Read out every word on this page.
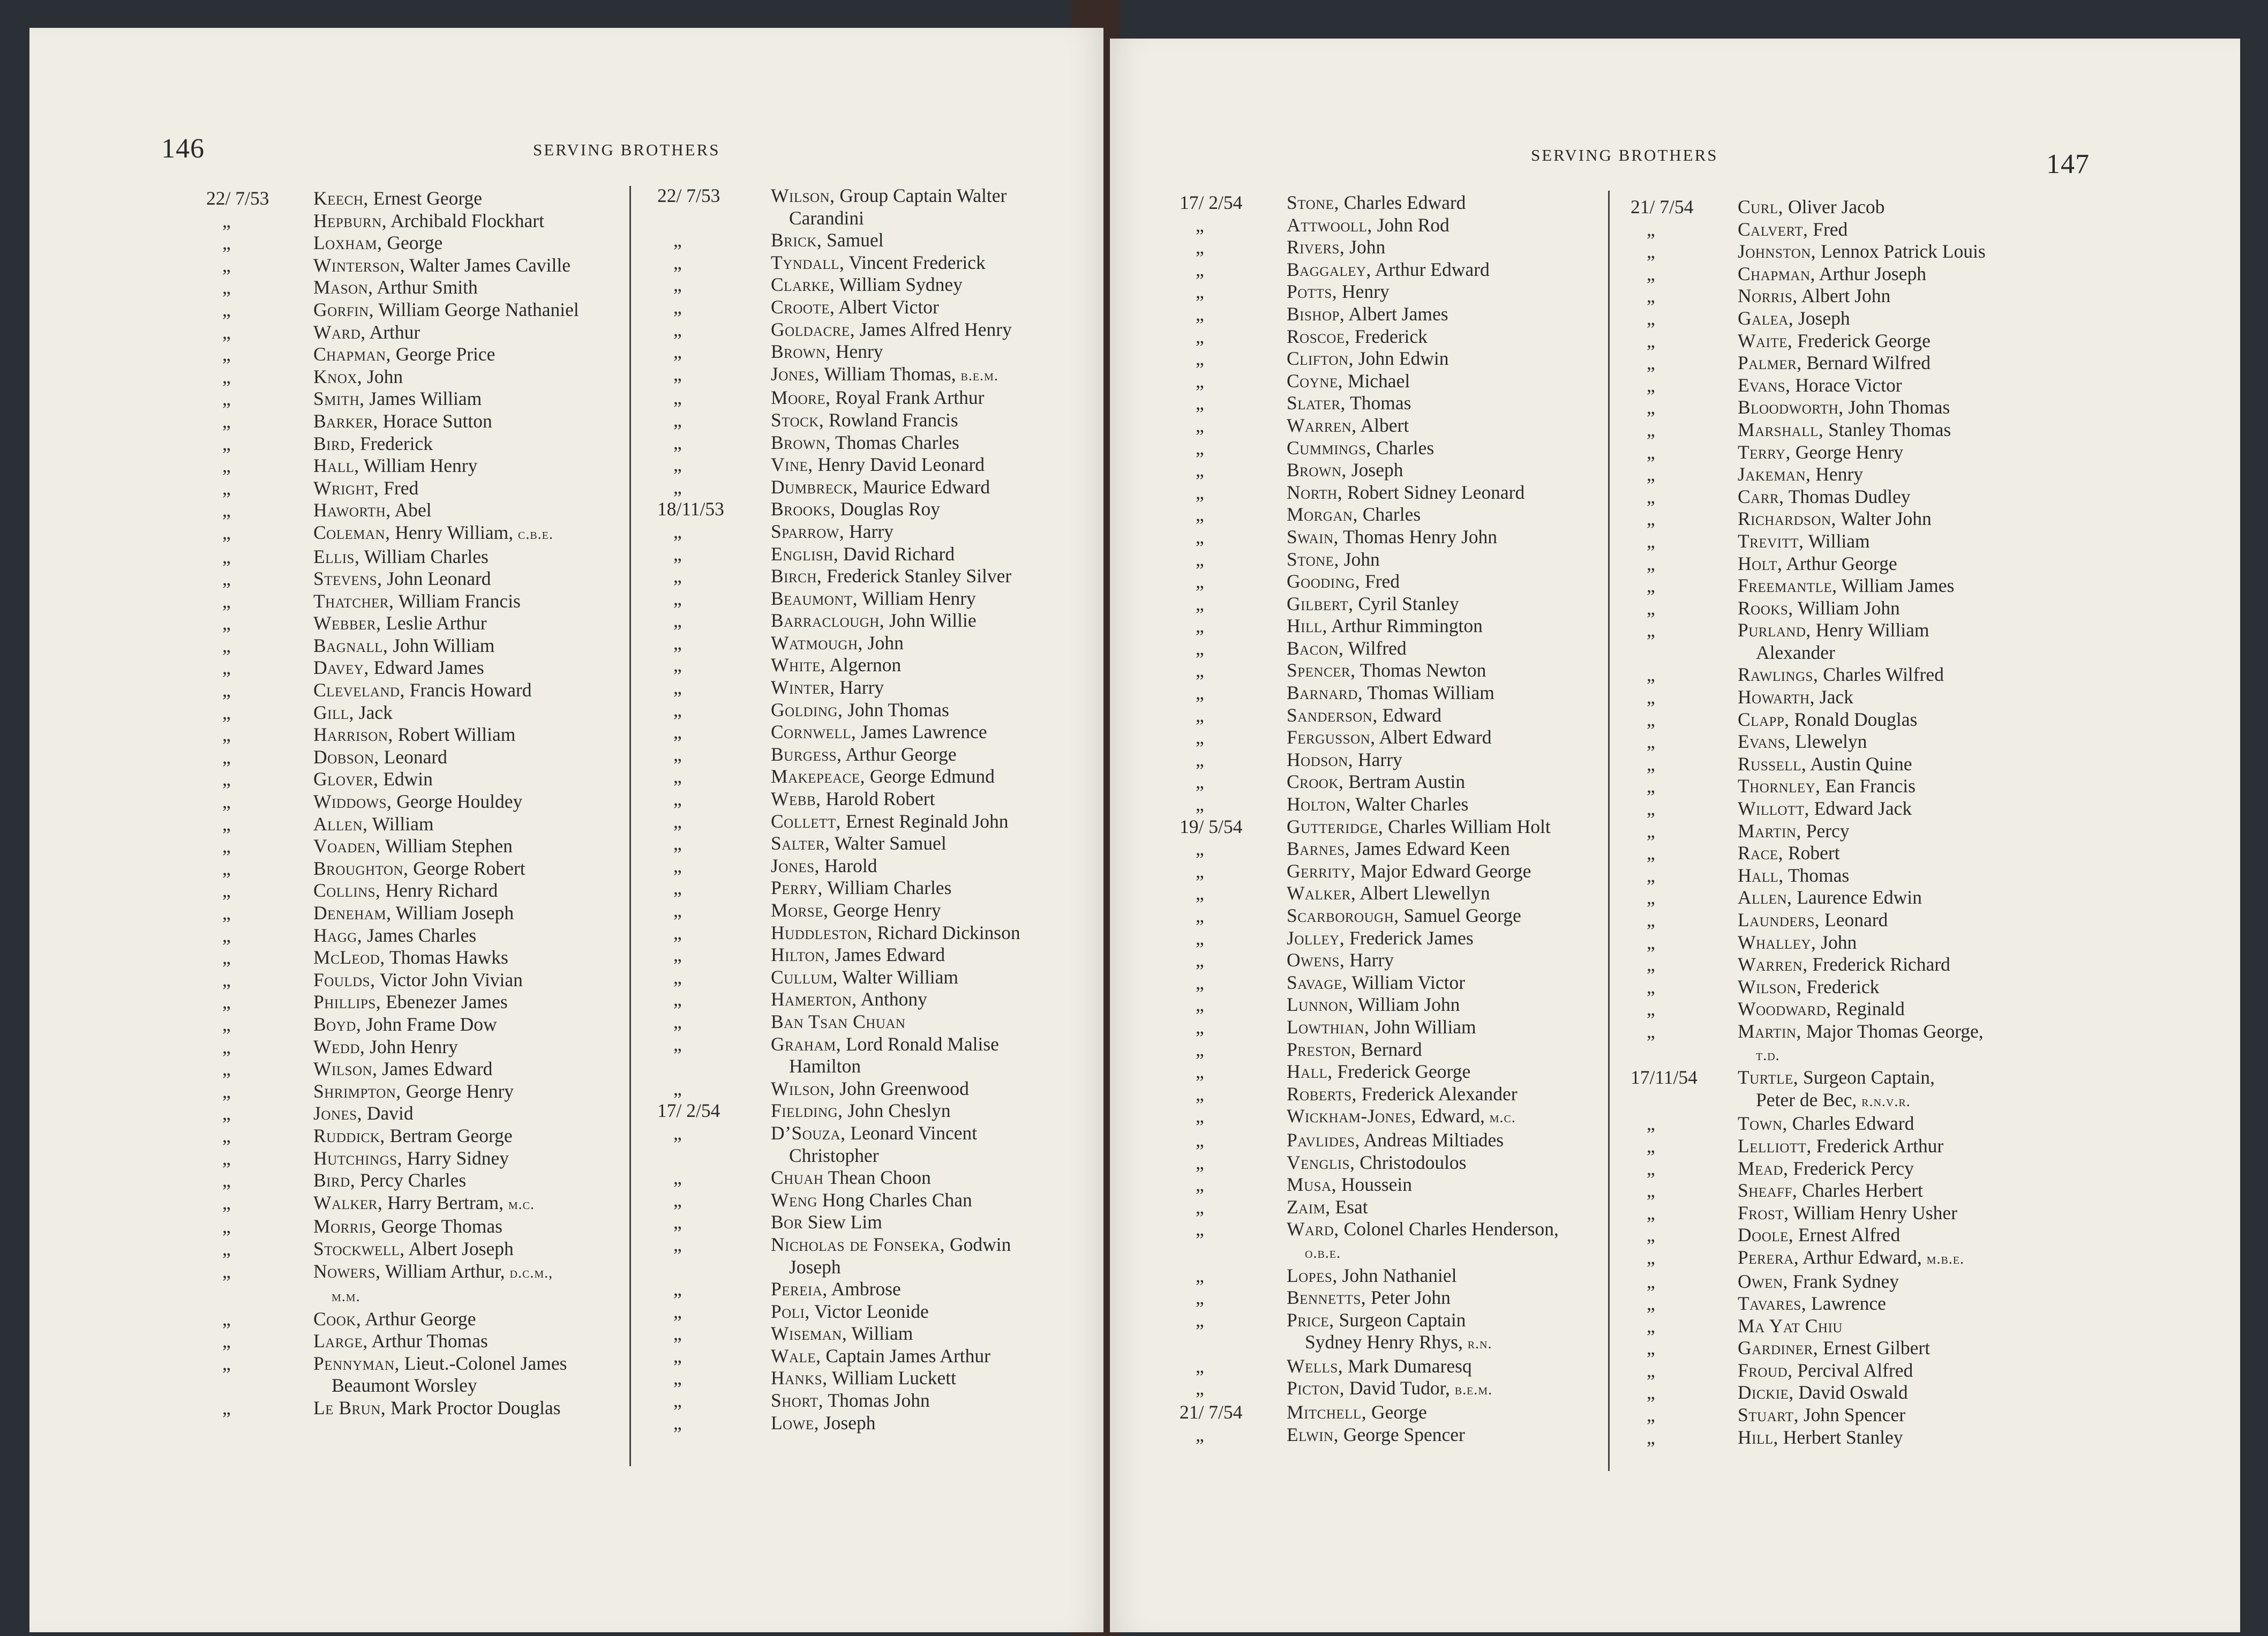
146	SERVING BROTHERS
22/ 7/53	Keech, Ernest George
„	Hepburn, Archibald Flockhart
„	Loxham, George
„	Winterson, Walter James Caville
„	Mason, Arthur Smith
„	Gorfin, William George Nathaniel
„	Ward, Arthur
„	Chapman, George Price
„	Knox, John
„	Smith, James William
„	Barker, Horace Sutton
„	Bird, Frederick
„	Hall, William Henry
„	Wright, Fred
„	Haworth, Abel
„	Coleman, Henry William, c.b.e.
„	Ellis, William Charles
„	Stevens, John Leonard
„	Thatcher, William Francis
„	Webber, Leslie Arthur
„	Bagnall, John William
„	Davey, Edward James
„	Cleveland, Francis Howard
„	Gill, Jack
„	Harrison, Robert William
„	Dobson, Leonard
„	Glover, Edwin
„	Widdows, George Houldey
„	Allen, William
„	Voaden, William Stephen
„	Broughton, George Robert
„	Collins, Henry Richard
„	Deneham, William Joseph
„	Hagg, James Charles
„	McLeod, Thomas Hawks
„	Foulds, Victor John Vivian
„	Phillips, Ebenezer James
„	Boyd, John Frame Dow
„	Wedd, John Henry
„	Wilson, James Edward
„	Shrimpton, George Henry
„	Jones, David
„	Ruddick, Bertram George
„	Hutchings, Harry Sidney
„	Bird, Percy Charles
„	Walker, Harry Bertram, m.c.
„	Morris, George Thomas
„	Stockwell, Albert Joseph
„	Nowers, William Arthur, d.c.m.,
m.m.
„	Cook, Arthur George
„	Large, Arthur Thomas
„	Pennyman, Lieut.-Colonel James
Beaumont Worsley
„	Le Brun, Mark Proctor Douglas
22/ 7/53	Wilson, Group Captain Walter
Carandini
„	Brick, Samuel
„	Tyndall, Vincent Frederick
„	Clarke, William Sydney
„	Croote, Albert Victor
„	Goldacre, James Alfred Henry
„	Brown, Henry
„	Jones, William Thomas, b.e.m.
„	Moore, Royal Frank Arthur
„	Stock, Rowland Francis
„	Brown, Thomas Charles
„	Vine, Henry David Leonard
„	Dumbreck, Maurice Edward
18/11/53	Brooks, Douglas Roy
„	Sparrow, Harry
„	English, David Richard
„	Birch, Frederick Stanley Silver
„	Beaumont, William Henry
„	Barraclough, John Willie
„	Watmough, John
„	White, Algernon
„	Winter, Harry
„	Golding, John Thomas
„	Cornwell, James Lawrence
„	Burgess, Arthur George
„	Makepeace, George Edmund
„	Webb, Harold Robert
„	Collett, Ernest Reginald John
„	Salter, Walter Samuel
„	Jones, Harold
„	Perry, William Charles
„	Morse, George Henry
„	Huddleston, Richard Dickinson
„	Hilton, James Edward
„	Cullum, Walter William
„	Hamerton, Anthony
„	Ban Tsan Chuan
„	Graham, Lord Ronald Malise
Hamilton
„	Wilson, John Greenwood
17/ 2/54	Fielding, John Cheslyn
„	D’Souza, Leonard Vincent
Christopher
„	Chuah Thean Choon
„	Weng Hong Charles Chan
„	Bor Siew Lim
„	Nicholas de Fonseka, Godwin
Joseph
„	Pereia, Ambrose
„	Poli, Victor Leonide
„	Wiseman, William
„	Wale, Captain James Arthur
„	Hanks, William Luckett
„	Short, Thomas John
„	Lowe, Joseph
SERVING BROTHERS	147
17/ 2/54	Stone, Charles Edward
„	Attwooll, John Rod
„	Rivers, John
„	Baggaley, Arthur Edward
„	Potts, Henry
„	Bishop, Albert James
„	Roscoe, Frederick
„	Clifton, John Edwin
„	Coyne, Michael
„	Slater, Thomas
„	Warren, Albert
„	Cummings, Charles
„	Brown, Joseph
„	North, Robert Sidney Leonard
„	Morgan, Charles
„	Swain, Thomas Henry John
„	Stone, John
„	Gooding, Fred
„	Gilbert, Cyril Stanley
„	Hill, Arthur Rimmington
„	Bacon, Wilfred
„	Spencer, Thomas Newton
„	Barnard, Thomas William
„	Sanderson, Edward
„	Fergusson, Albert Edward
„	Hodson, Harry
„	Crook, Bertram Austin
„	Holton, Walter Charles
19/ 5/54	Gutteridge, Charles William Holt
„	Barnes, James Edward Keen
„	Gerrity, Major Edward George
„	Walker, Albert Llewellyn
„	Scarborough, Samuel George
„	Jolley, Frederick James
„	Owens, Harry
„	Savage, William Victor
„	Lunnon, William John
„	Lowthian, John William
„	Preston, Bernard
„	Hall, Frederick George
„	Roberts, Frederick Alexander
„	Wickham-Jones, Edward, m.c.
„	Pavlides, Andreas Miltiades
„	Venglis, Christodoulos
„	Musa, Houssein
„	Zaim, Esat
„	Ward, Colonel Charles Henderson,
o.b.e.
„	Lopes, John Nathaniel
„	Bennetts, Peter John
„	Price, Surgeon Captain
Sydney Henry Rhys, r.n.
„	Wells, Mark Dumaresq
„	Picton, David Tudor, b.e.m.
21/ 7/54	Mitchell, George
„	Elwin, George Spencer
21/ 7/54	Curl, Oliver Jacob
„	Calvert, Fred
„	Johnston, Lennox Patrick Louis
„	Chapman, Arthur Joseph
„	Norris, Albert John
„	Galea, Joseph
„	Waite, Frederick George
„	Palmer, Bernard Wilfred
„	Evans, Horace Victor
„	Bloodworth, John Thomas
„	Marshall, Stanley Thomas
„	Terry, George Henry
„	Jakeman, Henry
„	Carr, Thomas Dudley
„	Richardson, Walter John
„	Trevitt, William
„	Holt, Arthur George
„	Freemantle, William James
„	Rooks, William John
„	Purland, Henry William
Alexander
„	Rawlings, Charles Wilfred
„	Howarth, Jack
„	Clapp, Ronald Douglas
„	Evans, Llewelyn
„	Russell, Austin Quine
„	Thornley, Ean Francis
„	Willott, Edward Jack
„	Martin, Percy
„	Race, Robert
„	Hall, Thomas
„	Allen, Laurence Edwin
„	Launders, Leonard
„	Whalley, John
„	Warren, Frederick Richard
„	Wilson, Frederick
„	Woodward, Reginald
„	Martin, Major Thomas George,
t.d.
17/11/54	Turtle, Surgeon Captain,
Peter de Bec, r.n.v.r.
„	Town, Charles Edward
„	Lelliott, Frederick Arthur
„	Mead, Frederick Percy
„	Sheaff, Charles Herbert
„	Frost, William Henry Usher
„	Doole, Ernest Alfred
„	Perera, Arthur Edward, m.b.e.
„	Owen, Frank Sydney
„	Tavares, Lawrence
„	Ma Yat Chiu
„	Gardiner, Ernest Gilbert
„	Froud, Percival Alfred
„	Dickie, David Oswald
„	Stuart, John Spencer
„	Hill, Herbert Stanley
